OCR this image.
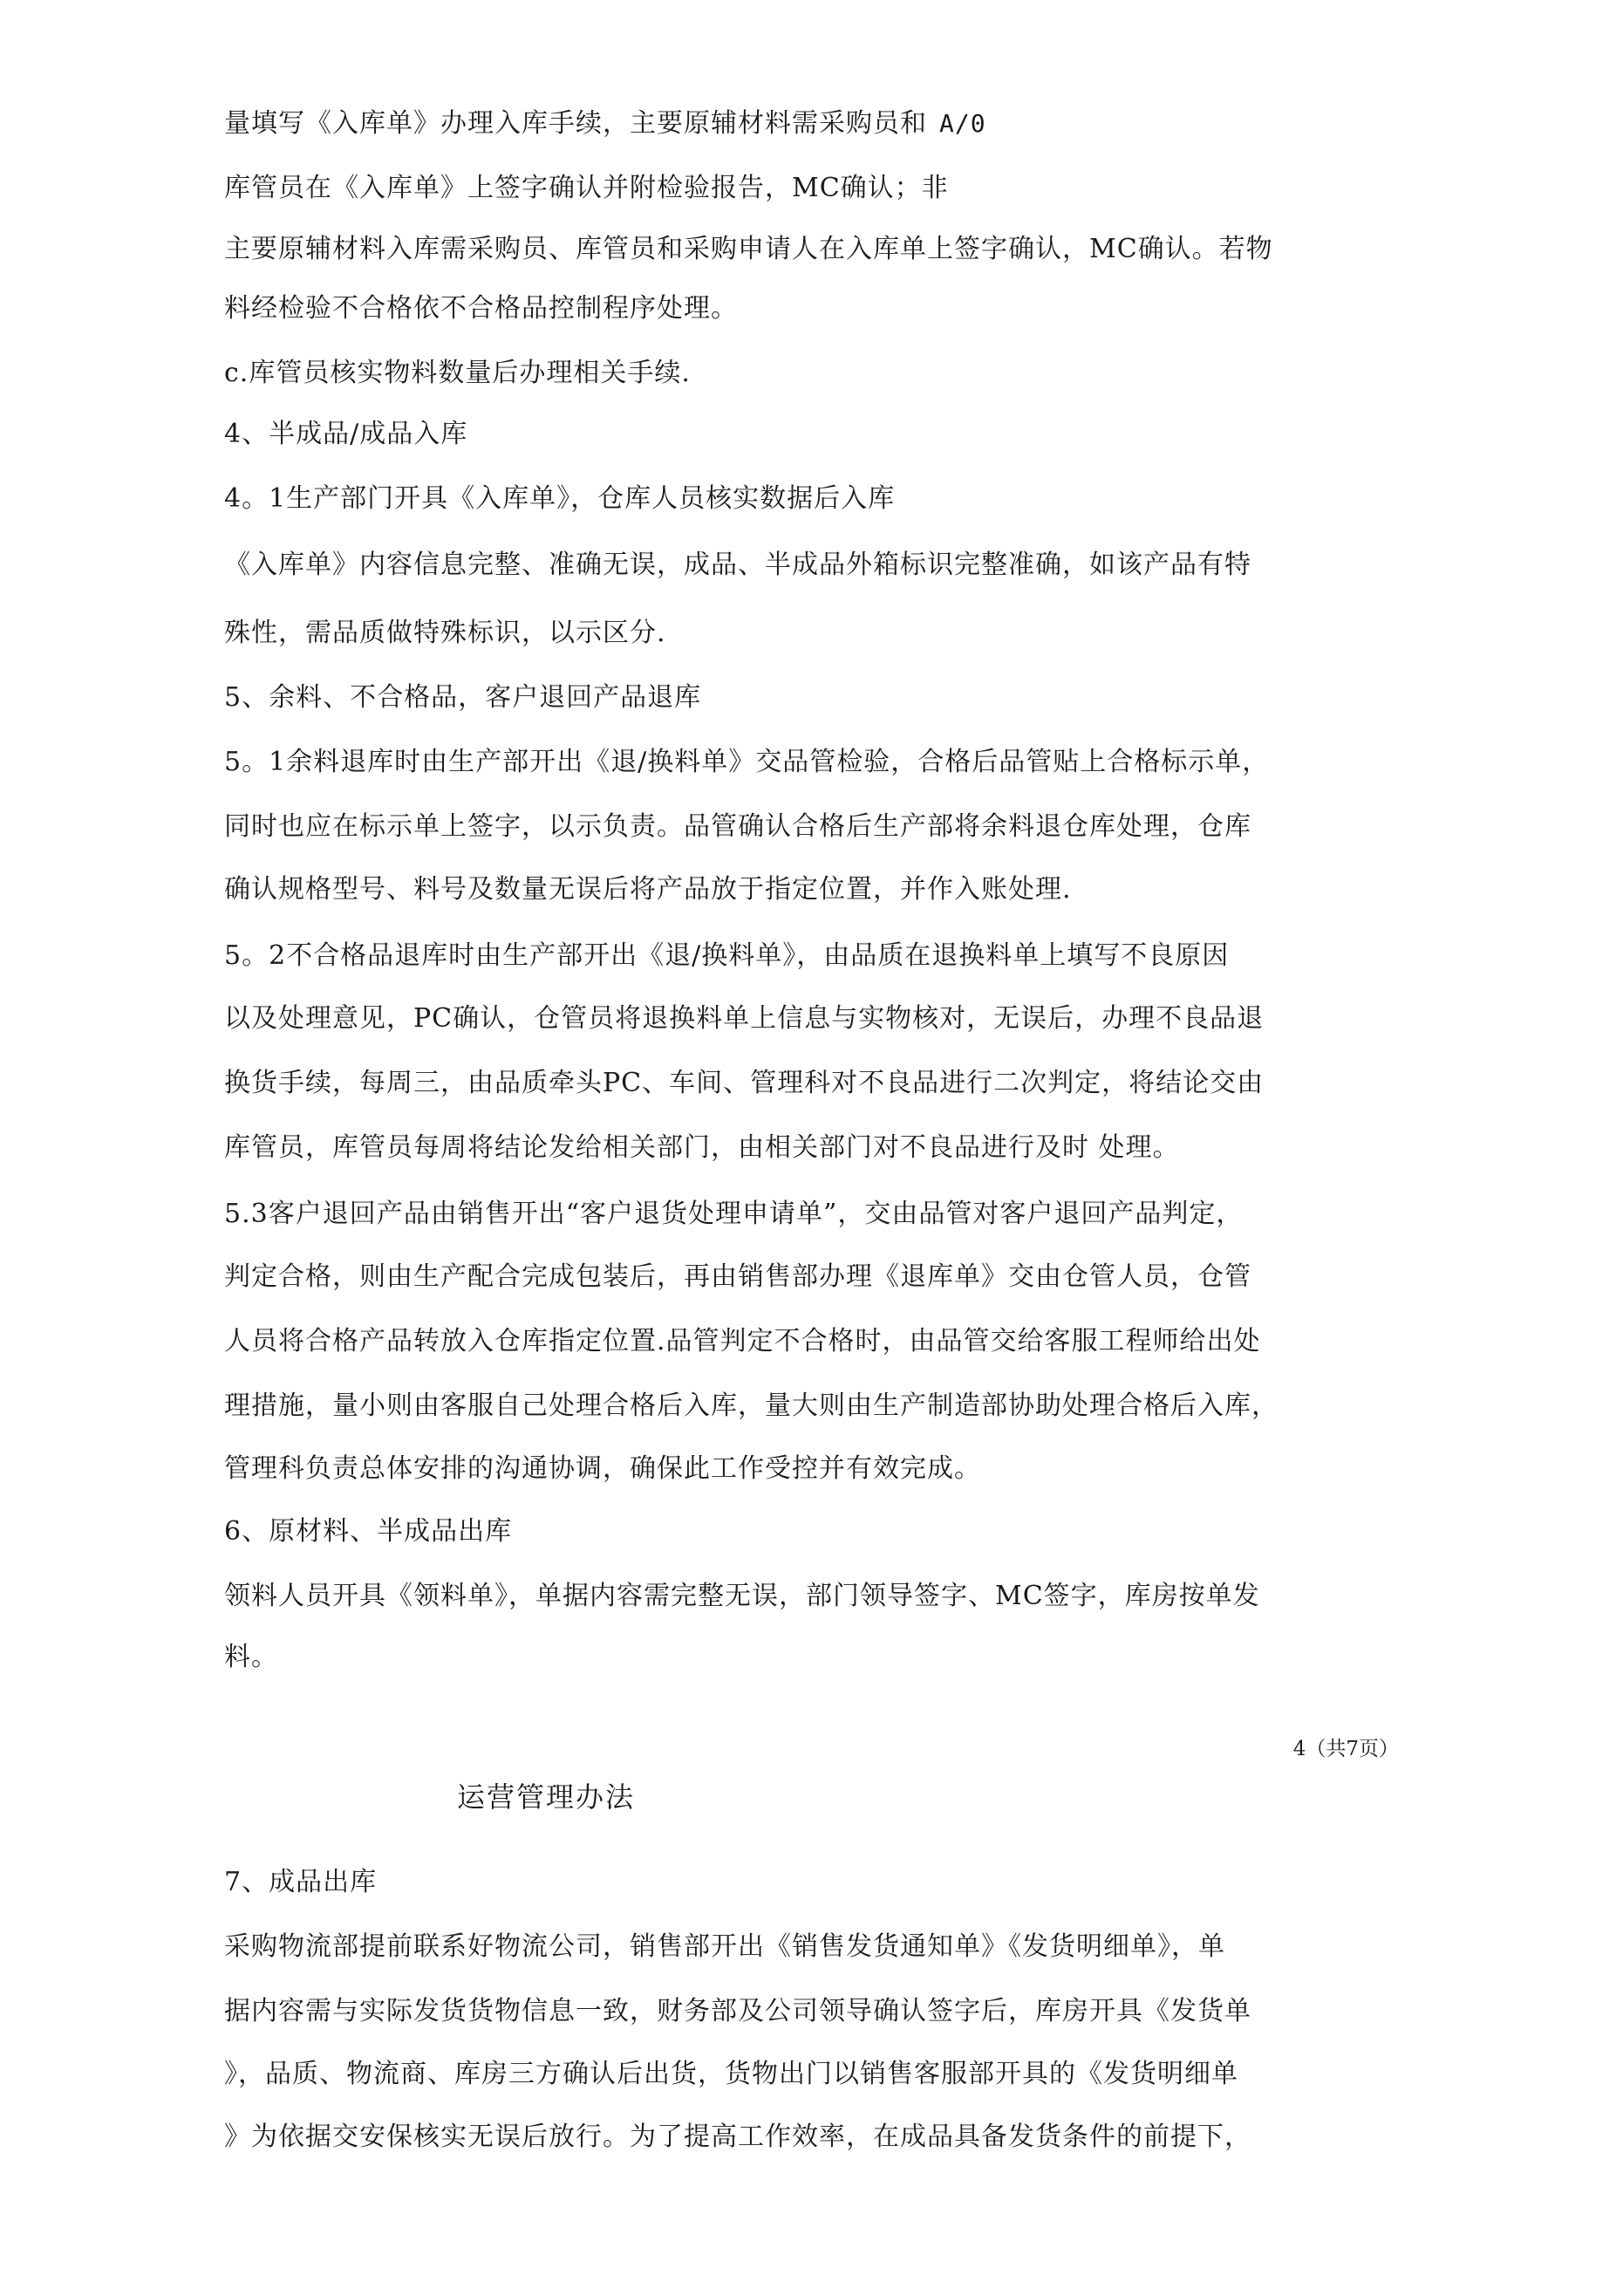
量填写《入库单》办理入库手续，主要原辅材料需采购员和 A/0
库管员在《入库单》上签字确认并附检验报告，MC确认；非
主要原辅材料入库需采购员、库管员和采购申请人在入库单上签字确认，MC确认。若物
料经检验不合格依不合格品控制程序处理。
c.库管员核实物料数量后办理相关手续.
4、半成品/成品入库
4。1生产部门开具《入库单》，仓库人员核实数据后入库
《入库单》内容信息完整、准确无误，成品、半成品外箱标识完整准确，如该产品有特
殊性，需品质做特殊标识，以示区分.
5、余料、不合格品，客户退回产品退库
5。1余料退库时由生产部开出《退/换料单》交品管检验，合格后品管贴上合格标示单，
同时也应在标示单上签字，以示负责。品管确认合格后生产部将余料退仓库处理，仓库
确认规格型号、料号及数量无误后将产品放于指定位置，并作入账处理.
5。2不合格品退库时由生产部开出《退/换料单》，由品质在退换料单上填写不良原因
以及处理意见，PC确认，仓管员将退换料单上信息与实物核对，无误后，办理不良品退
换货手续，每周三，由品质牵头PC、车间、管理科对不良品进行二次判定，将结论交由
库管员，库管员每周将结论发给相关部门，由相关部门对不良品进行及时 处理。
5.3客户退回产品由销售开出“客户退货处理申请单”，交由品管对客户退回产品判定，
判定合格，则由生产配合完成包装后，再由销售部办理《退库单》交由仓管人员，仓管
人员将合格产品转放入仓库指定位置.品管判定不合格时，由品管交给客服工程师给出处
理措施，量小则由客服自己处理合格后入库，量大则由生产制造部协助处理合格后入库，
管理科负责总体安排的沟通协调，确保此工作受控并有效完成。
6、原材料、半成品出库
领料人员开具《领料单》，单据内容需完整无误，部门领导签字、MC签字，库房按单发
料。
4（共7页）
运营管理办法
7、成品出库
采购物流部提前联系好物流公司，销售部开出《销售发货通知单》《发货明细单》，单
据内容需与实际发货货物信息一致，财务部及公司领导确认签字后，库房开具《发货单
》，品质、物流商、库房三方确认后出货，货物出门以销售客服部开具的《发货明细单
》为依据交安保核实无误后放行。为了提高工作效率，在成品具备发货条件的前提下，
